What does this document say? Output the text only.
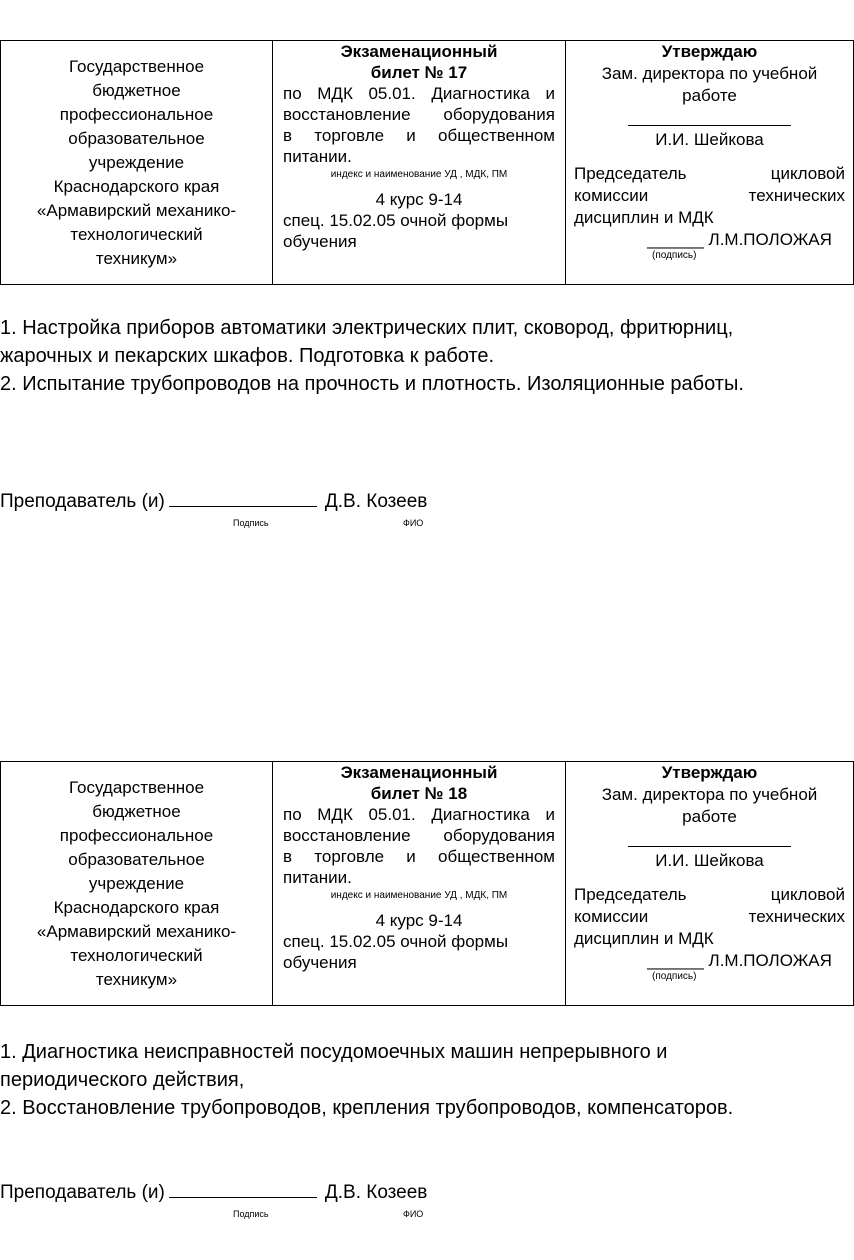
Государственное
бюджетное
профессиональное
образовательное
учреждение
Краснодарского края
«Армавирский механико-
технологический
техникум»

Экзаменационный
билет № 17
по МДК 05.01. Диагностика и
восстановление оборудования
в торговле и общественном
питании.
индекс и наименование УД , МДК, ПМ
4 курс 9-14
спец. 15.02.05 очной формы
обучения

Утверждаю
Зам. директора по учебной
работе
И.И. Шейкова
Председатель цикловой
комиссии технических
дисциплин и МДК
______ Л.М.ПОЛОЖАЯ
(подпись)

1. Настройка приборов автоматики электрических плит, сковород, фритюрниц, жарочных и пекарских шкафов. Подготовка к работе.

2. Испытание трубопроводов на прочность и плотность. Изоляционные работы.

Преподаватель (и)	Д.В. Козеев
Подпись	ФИО
Государственное
бюджетное
профессиональное
образовательное
учреждение
Краснодарского края
«Армавирский механико-
технологический
техникум»

Экзаменационный
билет № 18
по МДК 05.01. Диагностика и
восстановление оборудования
в торговле и общественном
питании.
индекс и наименование УД , МДК, ПМ
4 курс 9-14
спец. 15.02.05 очной формы
обучения

Утверждаю
Зам. директора по учебной
работе
И.И. Шейкова
Председатель цикловой
комиссии технических
дисциплин и МДК
______ Л.М.ПОЛОЖАЯ
(подпись)

1. Диагностика неисправностей посудомоечных машин непрерывного и периодического действия,

2. Восстановление трубопроводов, крепления трубопроводов, компенсаторов.

Преподаватель (и)	Д.В. Козеев
Подпись	ФИО
